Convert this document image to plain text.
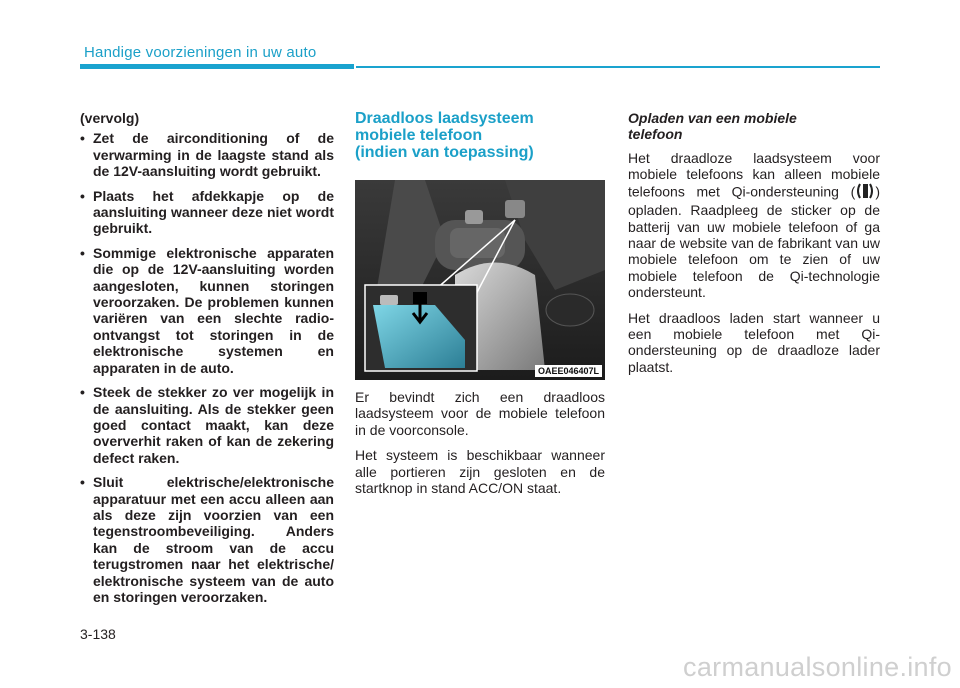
Handige voorzieningen in uw auto
(vervolg)
• Zet de airconditioning of de verwarming in de laagste stand als de 12V-aansluiting wordt gebruikt.
• Plaats het afdekkapje op de aansluiting wanneer deze niet wordt gebruikt.
• Sommige elektronische apparaten die op de 12V-aansluiting worden aangesloten, kunnen storingen veroorzaken. De problemen kunnen variëren van een slechte radio-ontvangst tot storingen in de elektronische systemen en apparaten in de auto.
• Steek de stekker zo ver mogelijk in de aansluiting. Als de stekker geen goed contact maakt, kan deze oververhit raken of kan de zekering defect raken.
• Sluit elektrische/elektronische apparatuur met een accu alleen aan als deze zijn voorzien van een tegenstroombeveiliging. Anders kan de stroom van de accu terugstromen naar het elektrische/ elektronische systeem van de auto en storingen veroorzaken.
Draadloos laadsysteem
mobiele telefoon
(indien van toepassing)
OAEE046407L

Er bevindt zich een draadloos laadsysteem voor de mobiele telefoon in de voorconsole.

Het systeem is beschikbaar wanneer alle portieren zijn gesloten en de startknop in stand ACC/ON staat.

Opladen van een mobiele
telefoon

Het draadloze laadsysteem voor mobiele telefoons kan alleen mobiele telefoons met Qi-ondersteuning ( ) opladen. Raadpleeg de sticker op de batterij van uw mobiele telefoon of ga naar de website van de fabrikant van uw mobiele telefoon om te zien of uw mobiele telefoon de Qi-technologie ondersteunt.

Het draadloos laden start wanneer u een mobiele telefoon met Qi-ondersteuning op de draadloze lader plaatst.

3-138
carmanualsonline.info
